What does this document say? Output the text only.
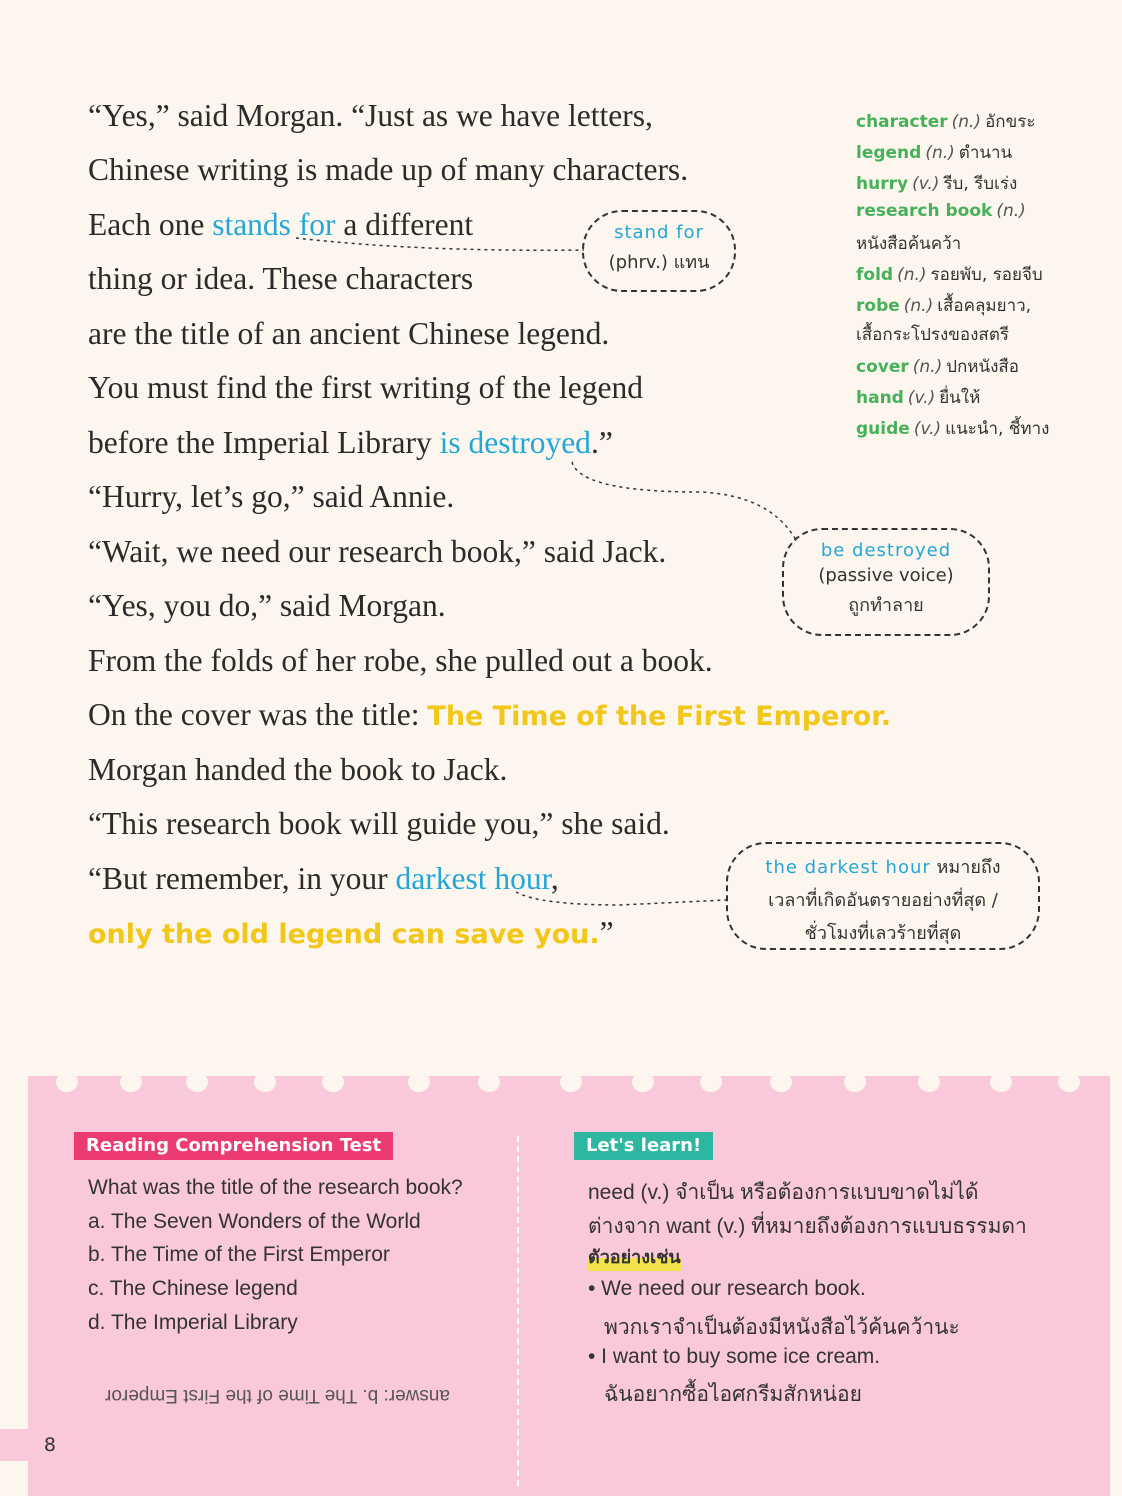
“Yes,” said Morgan. “Just as we have letters,
Chinese writing is made up of many characters.
Each one stands for a different
thing or idea. These characters
are the title of an ancient Chinese legend.
You must find the first writing of the legend
before the Imperial Library is destroyed.”
“Hurry, let’s go,” said Annie.
“Wait, we need our research book,” said Jack.
“Yes, you do,” said Morgan.
From the folds of her robe, she pulled out a book.
On the cover was the title: The Time of the First Emperor.
Morgan handed the book to Jack.
“This research book will guide you,” she said.
“But remember, in your darkest hour,
only the old legend can save you.”
stand for
(phrv.) แทน
be destroyed
(passive voice)
ถูกทำลาย
the darkest hour หมายถึง
เวลาที่เกิดอันตรายอย่างที่สุด /
ชั่วโมงที่เลวร้ายที่สุด
character (n.) อักขระ
legend (n.) ตำนาน
hurry (v.) รีบ, รีบเร่ง
research book (n.)
หนังสือค้นคว้า
fold (n.) รอยพับ, รอยจีบ
robe (n.) เสื้อคลุมยาว,
เสื้อกระโปรงของสตรี
cover (n.) ปกหนังสือ
hand (v.) ยื่นให้
guide (v.) แนะนำ, ชี้ทาง
Reading Comprehension Test
What was the title of the research book?
a. The Seven Wonders of the World
b. The Time of the First Emperor
c. The Chinese legend
d. The Imperial Library
answer: b. The Time of the First Emperor
Let's learn!
need (v.) จำเป็น หรือต้องการแบบขาดไม่ได้
ต่างจาก want (v.) ที่หมายถึงต้องการแบบธรรมดา
ตัวอย่างเช่น
• We need our research book.
พวกเราจำเป็นต้องมีหนังสือไว้ค้นคว้านะ
• I want to buy some ice cream.
ฉันอยากซื้อไอศกรีมสักหน่อย
8
